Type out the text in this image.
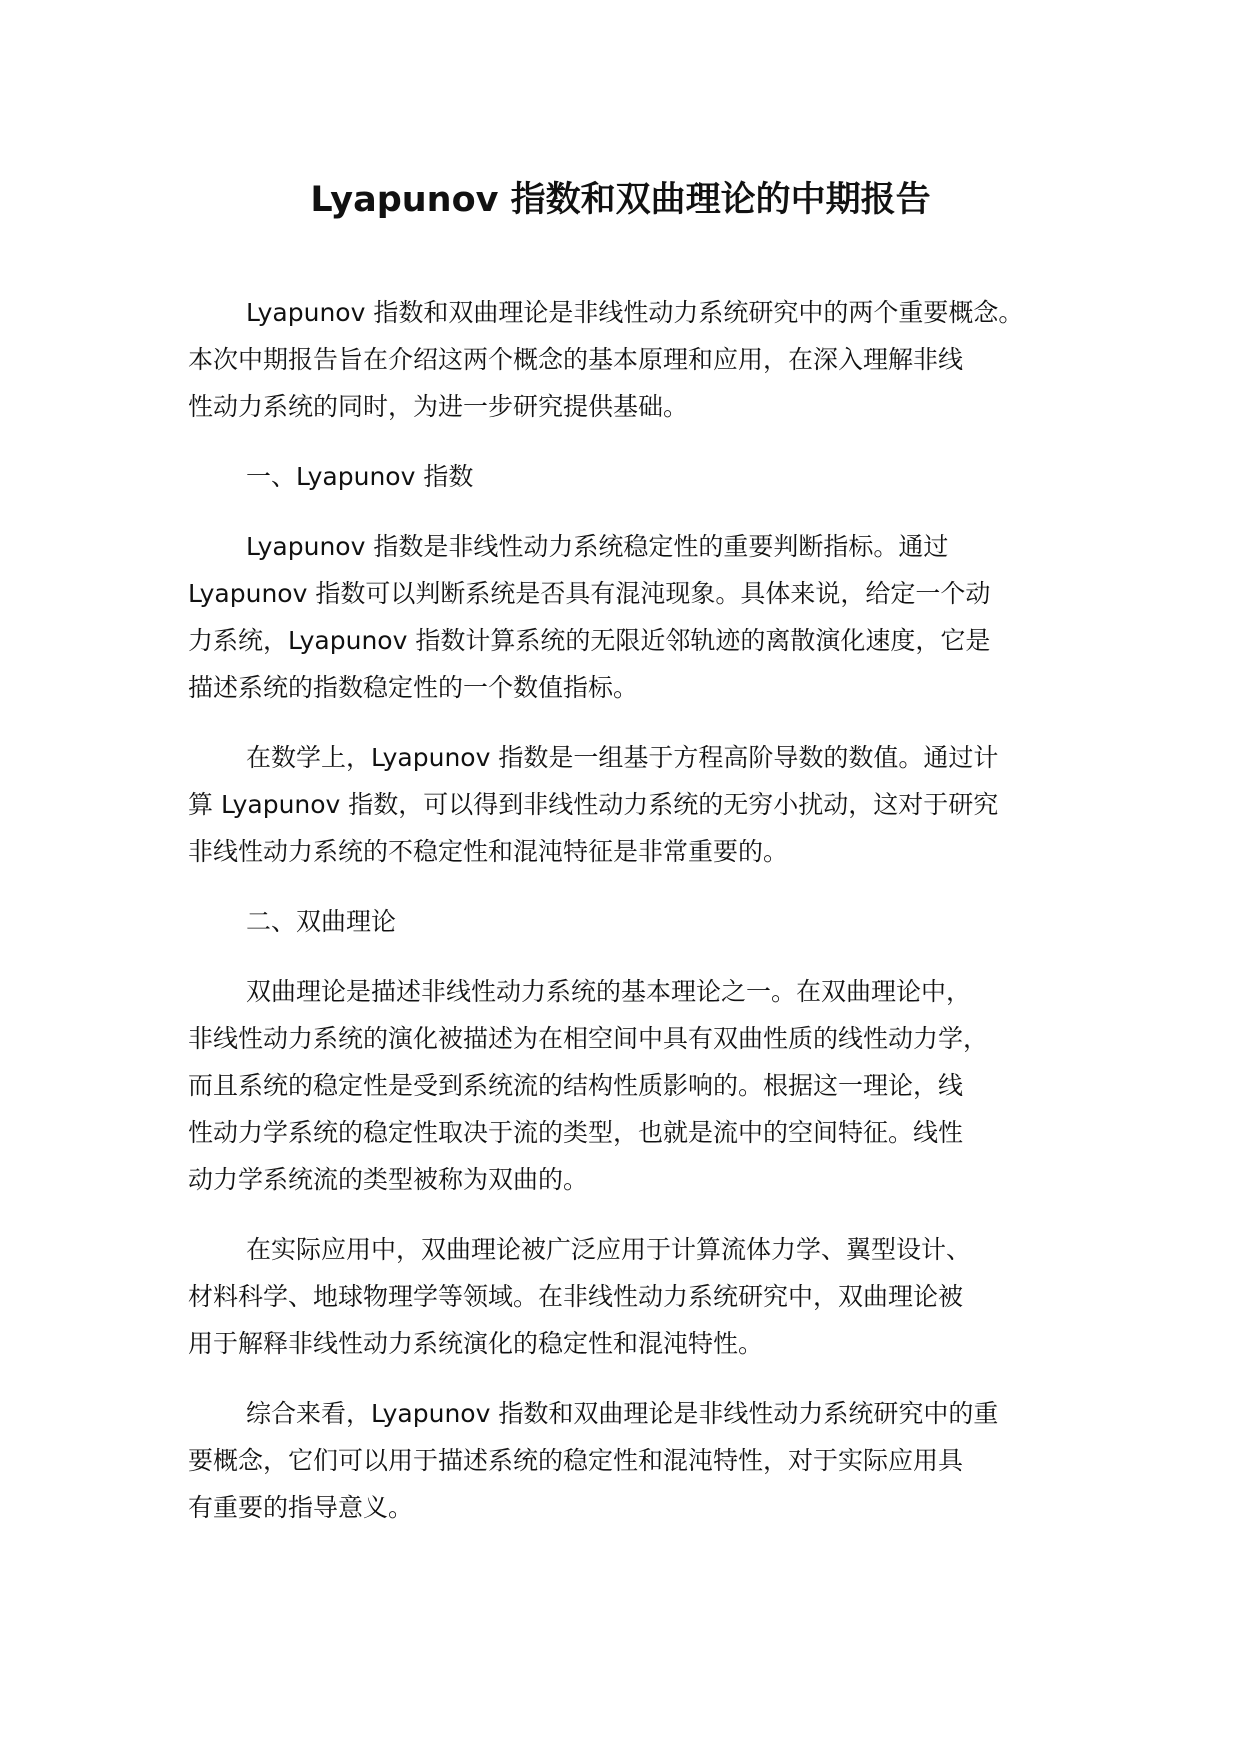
Lyapunov 指数和双曲理论的中期报告

Lyapunov 指数和双曲理论是非线性动力系统研究中的两个重要概念。
本次中期报告旨在介绍这两个概念的基本原理和应用，在深入理解非线
性动力系统的同时，为进一步研究提供基础。

一、Lyapunov 指数

Lyapunov 指数是非线性动力系统稳定性的重要判断指标。通过
Lyapunov 指数可以判断系统是否具有混沌现象。具体来说，给定一个动
力系统，Lyapunov 指数计算系统的无限近邻轨迹的离散演化速度，它是
描述系统的指数稳定性的一个数值指标。

在数学上，Lyapunov 指数是一组基于方程高阶导数的数值。通过计
算 Lyapunov 指数，可以得到非线性动力系统的无穷小扰动，这对于研究
非线性动力系统的不稳定性和混沌特征是非常重要的。

二、双曲理论

双曲理论是描述非线性动力系统的基本理论之一。在双曲理论中，
非线性动力系统的演化被描述为在相空间中具有双曲性质的线性动力学，
而且系统的稳定性是受到系统流的结构性质影响的。根据这一理论，线
性动力学系统的稳定性取决于流的类型，也就是流中的空间特征。线性
动力学系统流的类型被称为双曲的。

在实际应用中，双曲理论被广泛应用于计算流体力学、翼型设计、
材料科学、地球物理学等领域。在非线性动力系统研究中，双曲理论被
用于解释非线性动力系统演化的稳定性和混沌特性。

综合来看，Lyapunov 指数和双曲理论是非线性动力系统研究中的重
要概念，它们可以用于描述系统的稳定性和混沌特性，对于实际应用具
有重要的指导意义。
